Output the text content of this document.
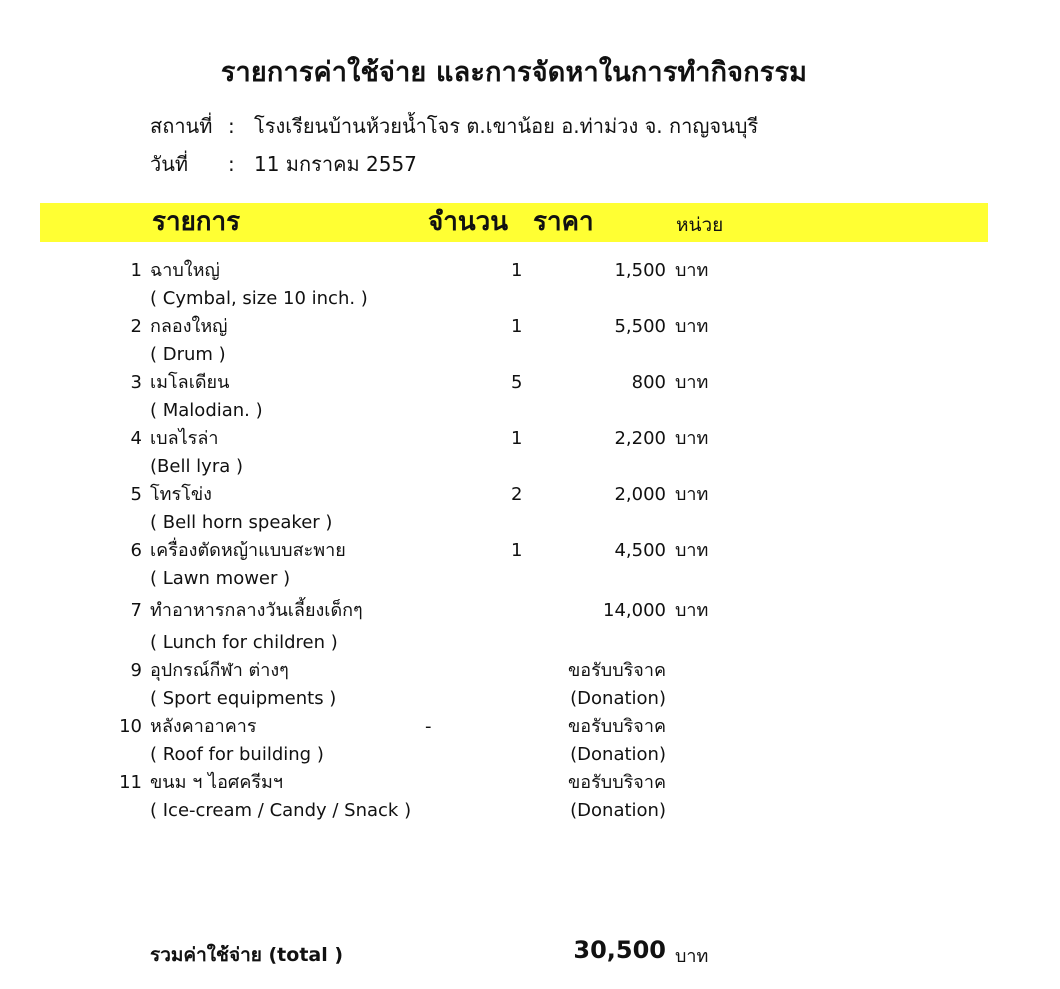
รายการค่าใช้จ่าย และการจัดหาในการทำกิจกรรม
สถานที่ : โรงเรียนบ้านห้วยน้ำโจร ต.เขาน้อย อ.ท่าม่วง จ. กาญจนบุรี
วันที่ : 11 มกราคม 2557
รายการ	จำนวน ราคา	หน่วย
1 ฉาบใหญ่	1	1,500 บาท
( Cymbal, size 10 inch. )
2 กลองใหญ่	1	5,500 บาท
( Drum )
3 เมโลเดียน	5	800 บาท
( Malodian. )
4 เบลไรล่า	1	2,200 บาท
(Bell lyra )
5 โทรโข่ง	2	2,000 บาท
( Bell horn speaker )
6 เครื่องตัดหญ้าแบบสะพาย	1	4,500 บาท
( Lawn mower )
7 ทำอาหารกลางวันเลี้ยงเด็กๆ	14,000 บาท
( Lunch for children )
9 อุปกรณ์กีฬา ต่างๆ	ขอรับบริจาค
( Sport equipments )	(Donation)
10 หลังคาอาคาร	-	ขอรับบริจาค
( Roof for building )	(Donation)
11 ขนม ฯ ไอศครีมฯ	ขอรับบริจาค
( Ice-cream / Candy / Snack )	(Donation)
รวมค่าใช้จ่าย (total )	30,500 บาท
